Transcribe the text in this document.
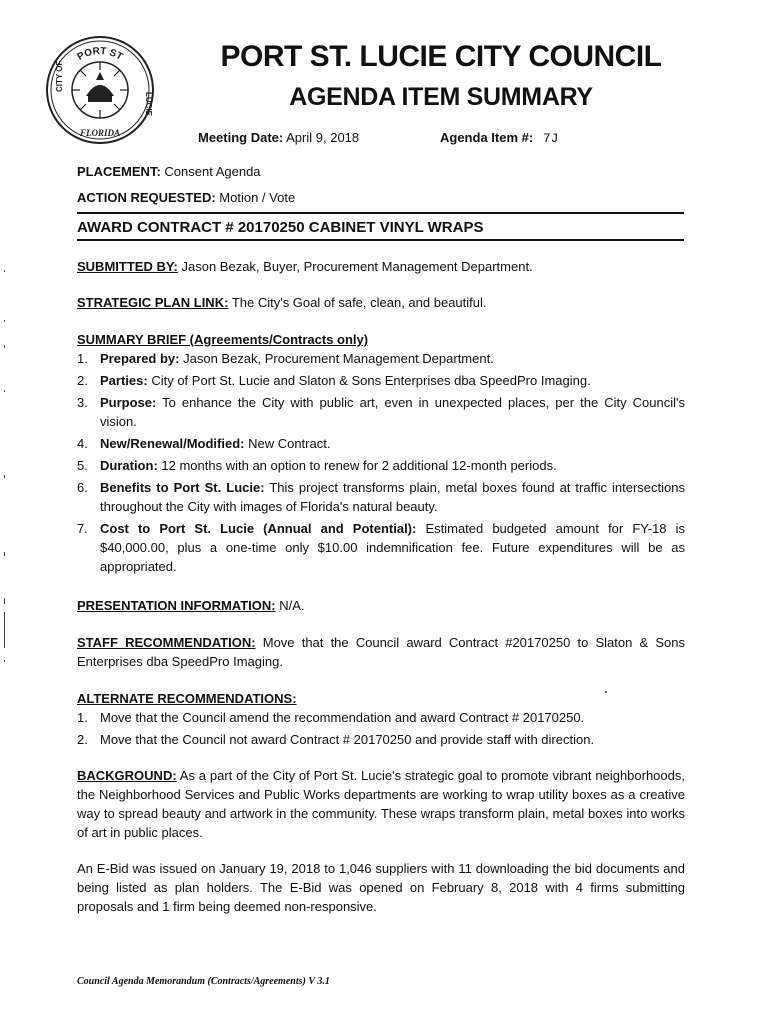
PORT ST
CITY OF
LUCIE
FLORIDA
PORT ST. LUCIE CITY COUNCIL
AGENDA ITEM SUMMARY
Meeting Date: April 9, 2018	Agenda Item #: 7J
PLACEMENT: Consent Agenda
ACTION REQUESTED: Motion / Vote
AWARD CONTRACT # 20170250 CABINET VINYL WRAPS
SUBMITTED BY: Jason Bezak, Buyer, Procurement Management Department.
STRATEGIC PLAN LINK: The City's Goal of safe, clean, and beautiful.
SUMMARY BRIEF (Agreements/Contracts only)
1. Prepared by: Jason Bezak, Procurement Management Department.
2. Parties: City of Port St. Lucie and Slaton & Sons Enterprises dba SpeedPro Imaging.
3. Purpose: To enhance the City with public art, even in unexpected places, per the City Council's vision.
4. New/Renewal/Modified: New Contract.
5. Duration: 12 months with an option to renew for 2 additional 12-month periods.
6. Benefits to Port St. Lucie: This project transforms plain, metal boxes found at traffic intersections throughout the City with images of Florida's natural beauty.
7. Cost to Port St. Lucie (Annual and Potential): Estimated budgeted amount for FY-18 is $40,000.00, plus a one-time only $10.00 indemnification fee. Future expenditures will be as appropriated.
PRESENTATION INFORMATION: N/A.
STAFF RECOMMENDATION: Move that the Council award Contract #20170250 to Slaton & Sons Enterprises dba SpeedPro Imaging.
ALTERNATE RECOMMENDATIONS:
1. Move that the Council amend the recommendation and award Contract # 20170250.
2. Move that the Council not award Contract # 20170250 and provide staff with direction.
BACKGROUND: As a part of the City of Port St. Lucie's strategic goal to promote vibrant neighborhoods, the Neighborhood Services and Public Works departments are working to wrap utility boxes as a creative way to spread beauty and artwork in the community. These wraps transform plain, metal boxes into works of art in public places.
An E-Bid was issued on January 19, 2018 to 1,046 suppliers with 11 downloading the bid documents and being listed as plan holders. The E-Bid was opened on February 8, 2018 with 4 firms submitting proposals and 1 firm being deemed non-responsive.
Council Agenda Memorandum (Contracts/Agreements) V 3.1
